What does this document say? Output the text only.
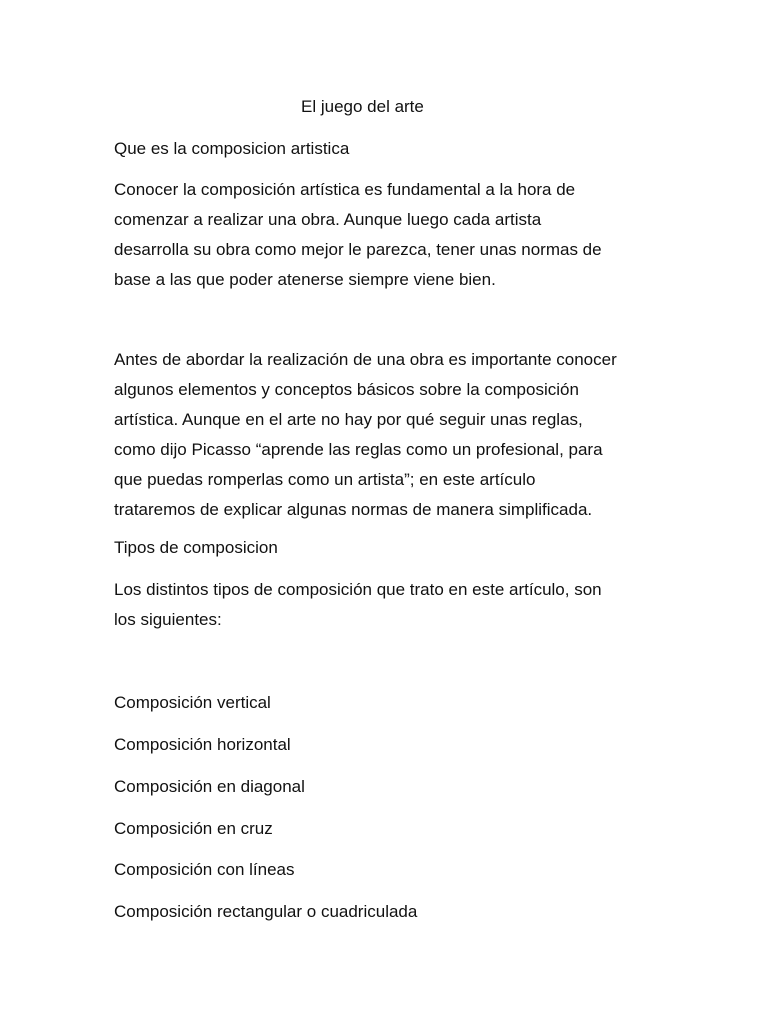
El juego del arte
Que es la composicion artistica
Conocer la composición artística es fundamental a la hora de
comenzar a realizar una obra. Aunque luego cada artista
desarrolla su obra como mejor le parezca, tener unas normas de
base a las que poder atenerse siempre viene bien.
Antes de abordar la realización de una obra es importante conocer
algunos elementos y conceptos básicos sobre la composición
artística. Aunque en el arte no hay por qué seguir unas reglas,
como dijo Picasso “aprende las reglas como un profesional, para
que puedas romperlas como un artista”; en este artículo
trataremos de explicar algunas normas de manera simplificada.
Tipos de composicion
Los distintos tipos de composición que trato en este artículo, son
los siguientes:
Composición vertical
Composición horizontal
Composición en diagonal
Composición en cruz
Composición con líneas
Composición rectangular o cuadriculada
